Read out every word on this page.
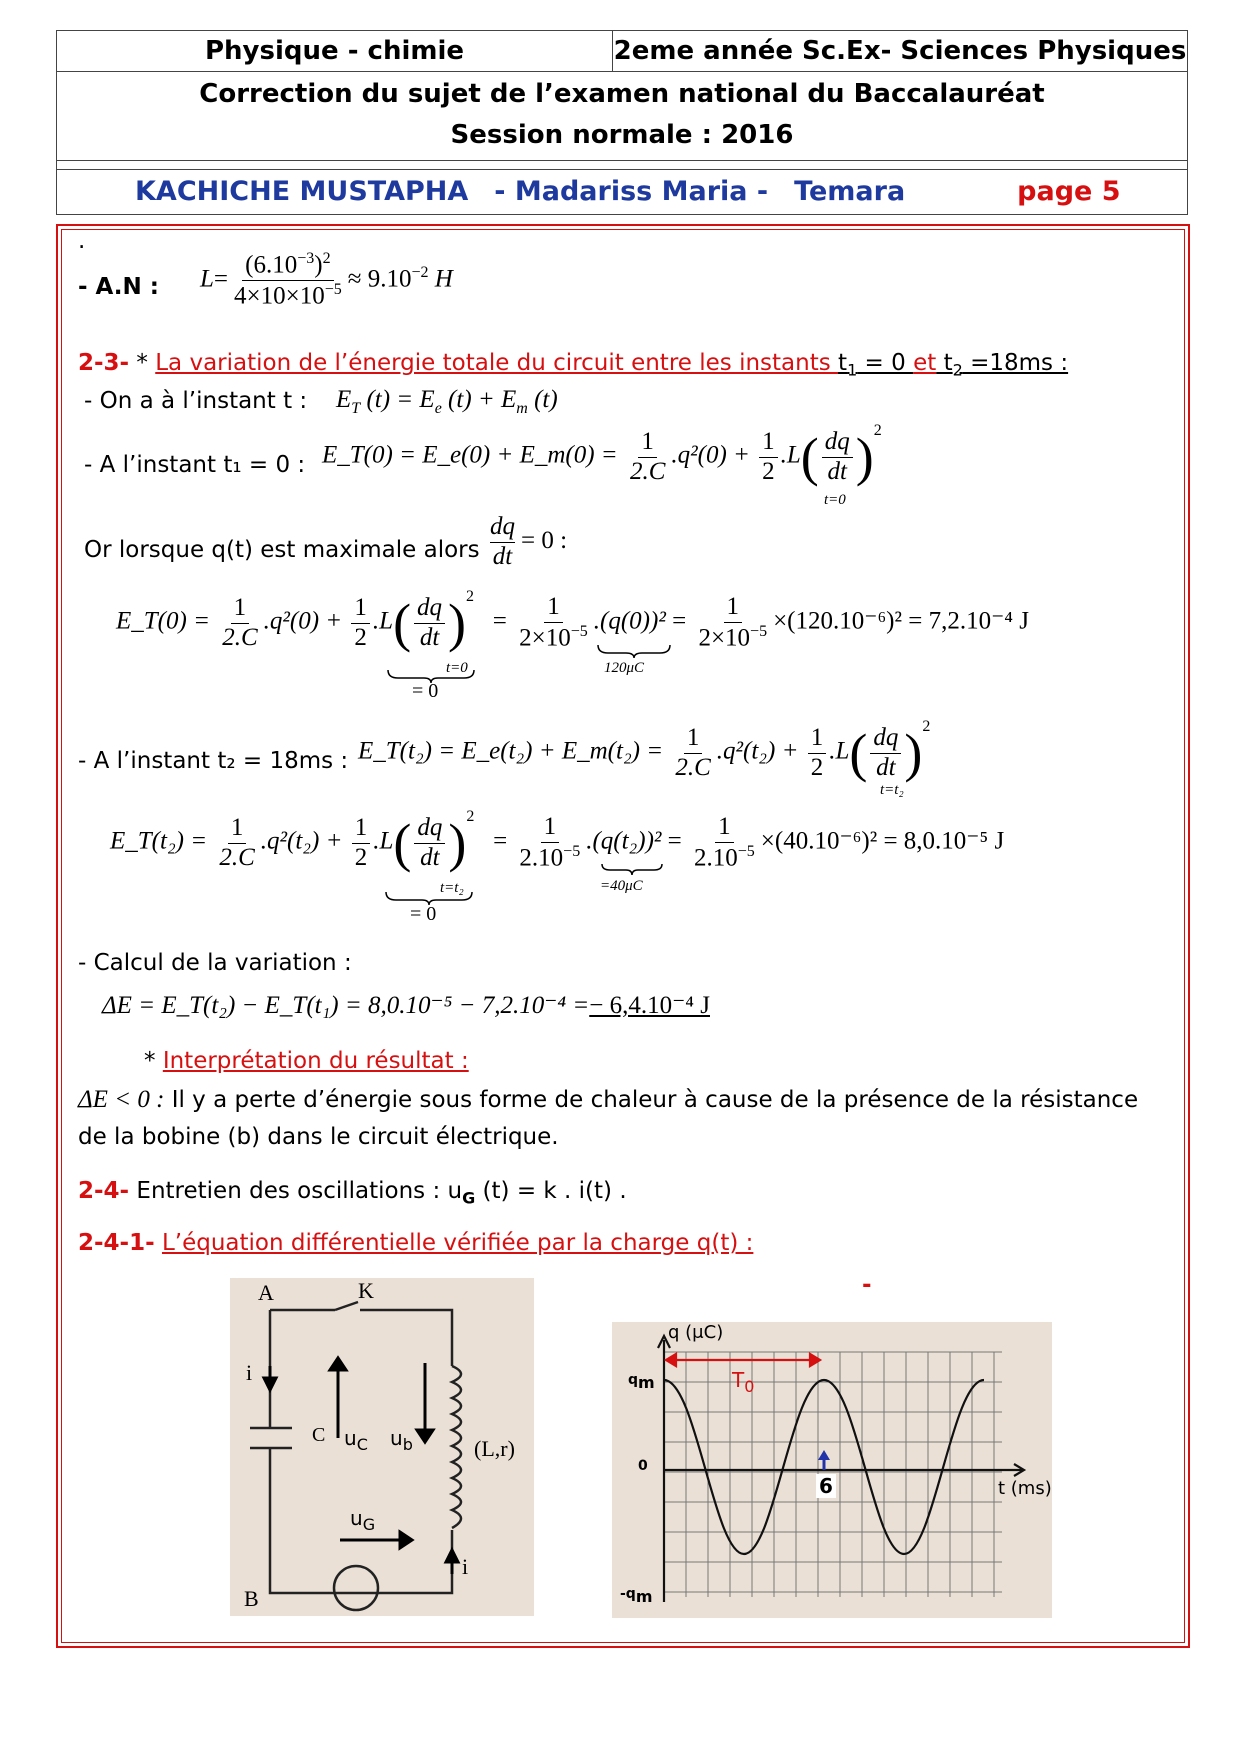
Physique - chimie	2eme année Sc.Ex- Sciences Physiques
Correction du sujet de l’examen national du Baccalauréat
Session normale : 2016
KACHICHE MUSTAPHA - Madariss Maria - Temara	page 5
.
- A.N : $L= \frac{(6.10^{-3})^2}{4\times 10\times 10^{-5}} \approx 9.10^{-2}$ H
2-3- * La variation de l’énergie totale du circuit entre les instants $t_1 = 0$ et $t_2 =18ms$ :
- On a à l’instant t : $E_T$ $(t) = E_e$ $(t) + E_m$ (t)
- A l’instant t₁ = 0 : E_T(0) = E_e(0) + E_m(0) = $\frac{1}{2.C} .q^2(0) + \frac{1}{2} .L( \frac{dq}{dt} )^2$
t=0
Or lorsque q(t) est maximale alors $\frac{dq}{dt} = 0$ :
E_T(0) = $\frac{1}{2.C} .q^2(0) + \frac{1}{2} .L( \frac{dq}{dt} )^2 = \frac{1}{2\times 10^{-5}} .(q(0))^2 = \frac{1}{2\times 10^{-5}} \times(120.10^{-6})^2 = 7,2.10^{-4}$ J
t=0
= 0
120μC
- A l’instant t₂ = 18ms : E_T(t₂) = E_e(t₂) + E_m(t₂) = $\frac{1}{2.C} .q^2(t_2) + \frac{1}{2} .L( \frac{dq}{dt} )^2$
t=t₂
E_T(t₂) = $\frac{1}{2.C} .q^2(t_2) + \frac{1}{2} .L( \frac{dq}{dt} )^2 = \frac{1}{2.10^{-5}} .(q(t_2))^2 = \frac{1}{2.10^{-5}} \times(40.10^{-6})^2 = 8,0.10^{-5}$ J
t=t₂
= 0
=40μC
- Calcul de la variation :
ΔE = E_T(t₂) − E_T(t₁) = 8,0.10⁻⁵ − 7,2.10⁻⁴ =− 6,4.10⁻⁴ J
* Interprétation du résultat :
ΔE < 0 : Il y a perte d’énergie sous forme de chaleur à cause de la présence de la résistance
de la bobine (b) dans le circuit électrique.
2-4- Entretien des oscillations : $u_G$ (t) = k . i(t) .
2-4-1- L’équation différentielle vérifiée par la charge q(t) :
-
A	K
i
C $u_C$ $u_b$	(L,r)
$u_G$
i
B
q (μC)
$q_m$
0
$-q_m$
$T_0$
6	t (ms)
